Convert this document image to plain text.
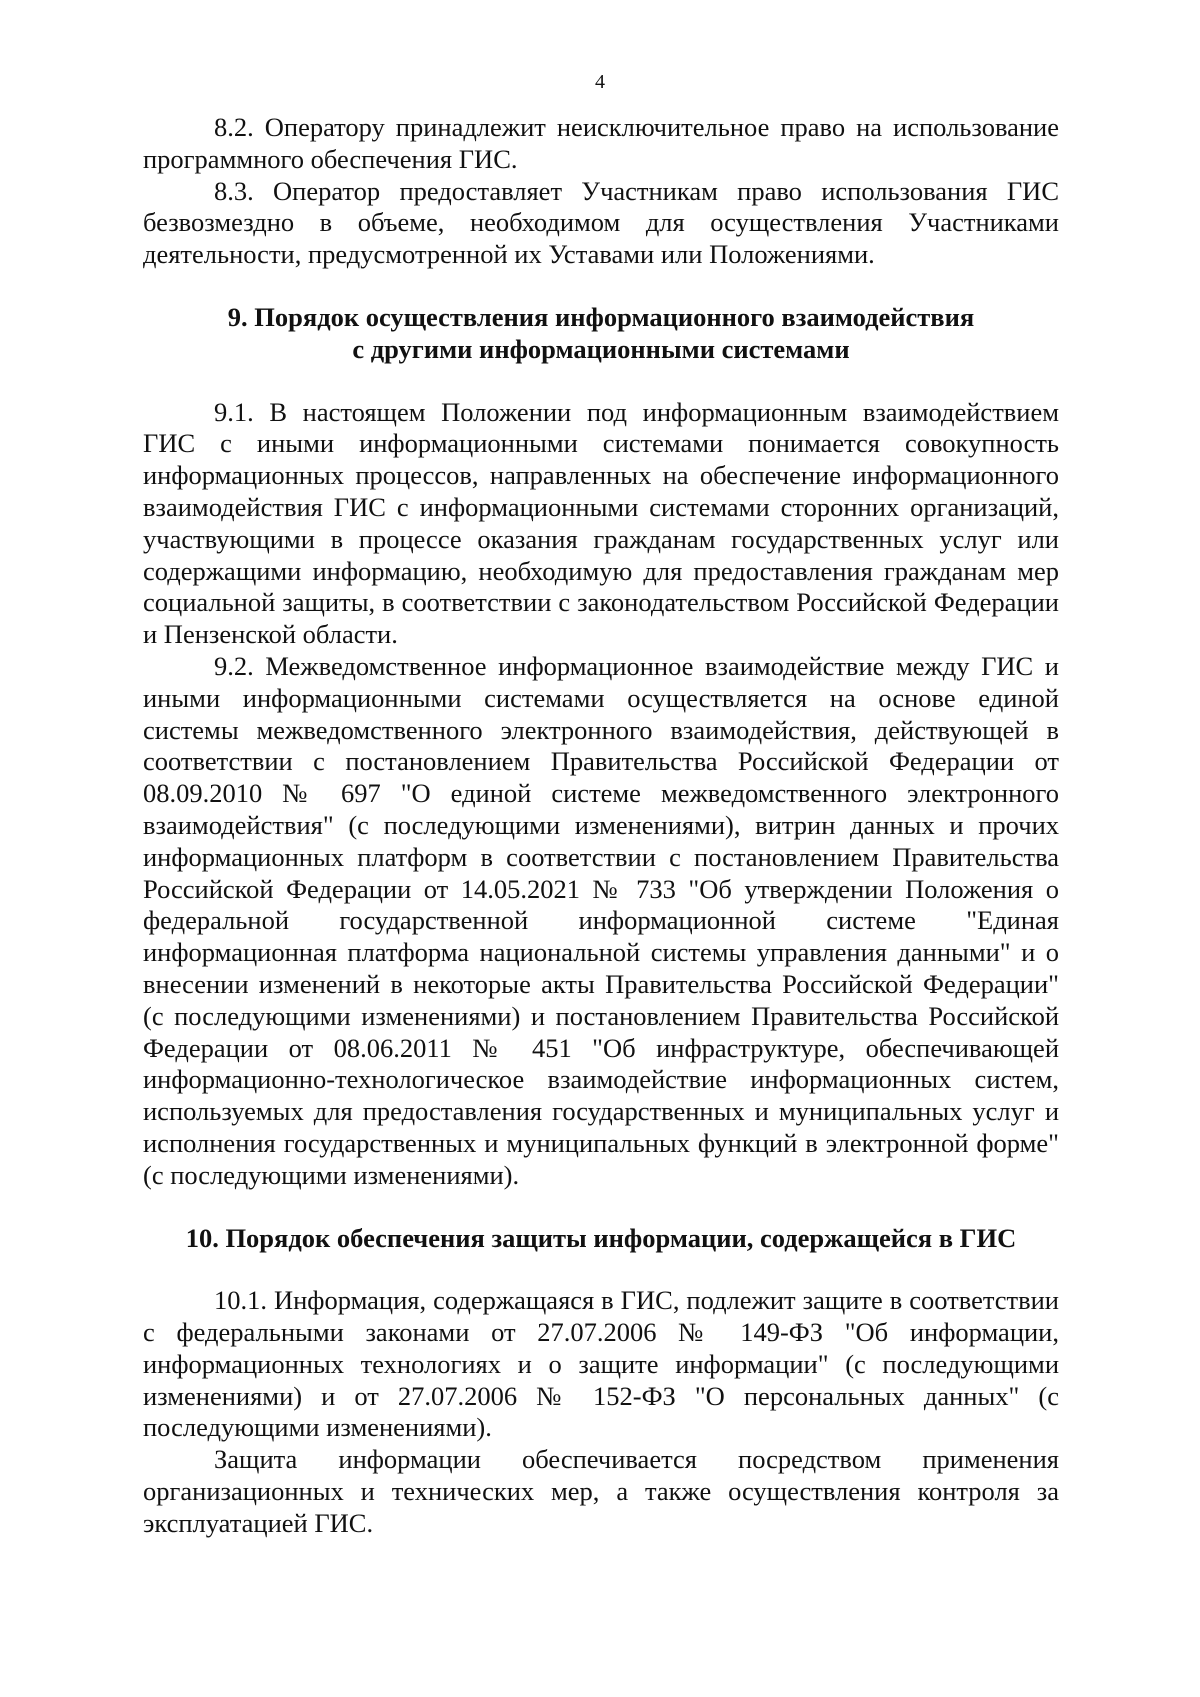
4

8.2. Оператору принадлежит неисключительное право на использование программного обеспечения ГИС.

8.3. Оператор предоставляет Участникам право использования ГИС безвозмездно в объеме, необходимом для осуществления Участниками деятельности, предусмотренной их Уставами или Положениями.

9. Порядок осуществления информационного взаимодействия
с другими информационными системами

9.1. В настоящем Положении под информационным взаимодействием ГИС с иными информационными системами понимается совокупность информационных процессов, направленных на обеспечение информационного взаимодействия ГИС с информационными системами сторонних организаций, участвующими в процессе оказания гражданам государственных услуг или содержащими информацию, необходимую для предоставления гражданам мер социальной защиты, в соответствии с законодательством Российской Федерации и Пензенской области.

9.2. Межведомственное информационное взаимодействие между ГИС и иными информационными системами осуществляется на основе единой системы межведомственного электронного взаимодействия, действующей в соответствии с постановлением Правительства Российской Федерации от 08.09.2010 № 697 "О единой системе межведомственного электронного взаимодействия" (с последующими изменениями), витрин данных и прочих информационных платформ в соответствии с постановлением Правительства Российской Федерации от 14.05.2021 № 733 "Об утверждении Положения о федеральной государственной информационной системе "Единая информационная платформа национальной системы управления данными" и о внесении изменений в некоторые акты Правительства Российской Федерации" (с последующими изменениями) и постановлением Правительства Российской Федерации от 08.06.2011 № 451 "Об инфраструктуре, обеспечивающей информационно-технологическое взаимодействие информационных систем, используемых для предоставления государственных и муниципальных услуг и исполнения государственных и муниципальных функций в электронной форме" (с последующими изменениями).

10. Порядок обеспечения защиты информации, содержащейся в ГИС

10.1. Информация, содержащаяся в ГИС, подлежит защите в соответствии с федеральными законами от 27.07.2006 № 149-ФЗ "Об информации, информационных технологиях и о защите информации" (с последующими изменениями) и от 27.07.2006 № 152-ФЗ "О персональных данных" (с последующими изменениями).

Защита информации обеспечивается посредством применения организационных и технических мер, а также осуществления контроля за эксплуатацией ГИС.
